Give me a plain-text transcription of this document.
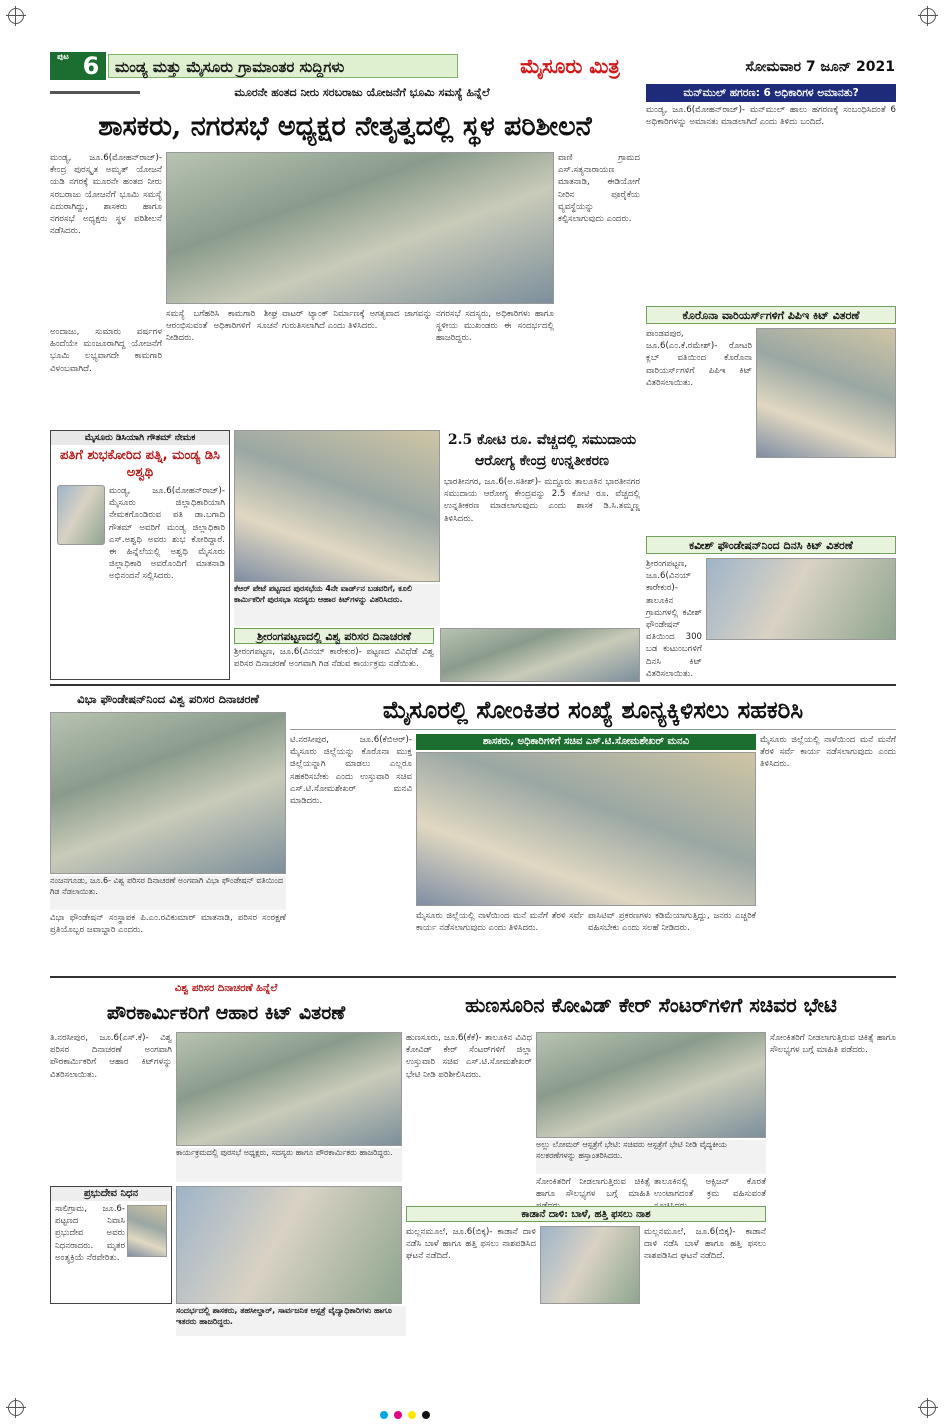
ಪುಟ 6	ಮಂಡ್ಯ ಮತ್ತು ಮೈಸೂರು ಗ್ರಾಮಾಂತರ ಸುದ್ದಿಗಳು	ಮೈಸೂರು ಮಿತ್ರ	ಸೋಮವಾರ 7 ಜೂನ್ 2021
ಮೂರನೇ ಹಂತದ ನೀರು ಸರಬರಾಜು ಯೋಜನೆಗೆ ಭೂಮಿ ಸಮಸ್ಯೆ ಹಿನ್ನೆಲೆ
ಶಾಸಕರು, ನಗರಸಭೆ ಅಧ್ಯಕ್ಷರ ನೇತೃತ್ವದಲ್ಲಿ ಸ್ಥಳ ಪರಿಶೀಲನೆ
ಮಂಡ್ಯ, ಜೂ.6(ಮೋಹನ್‌ರಾಜ್)- ಕೇಂದ್ರ ಪುರಸ್ಕೃತ ಅಮೃತ್ ಯೋಜನೆ ಯಡಿ ನಗರಕ್ಕೆ ಮೂರನೇ ಹಂತದ ನೀರು ಸರಬರಾಜು ಯೋಜನೆಗೆ ಭೂಮಿ ಸಮಸ್ಯೆ ಎದುರಾಗಿದ್ದು, ಶಾಸಕರು ಹಾಗೂ ನಗರಸಭೆ ಅಧ್ಯಕ್ಷರು ಸ್ಥಳ ಪರಿಶೀಲನೆ ನಡೆಸಿದರು.
ವಾಣಿ ಗ್ರಾಮದ ಎಸ್.ಸತ್ಯನಾರಾಯಣ ಮಾತನಾಡಿ, ಈಡಿಯೋಗೆ ನೀರಿನ ಪೂರೈಕೆಯ ವ್ಯವಸ್ಥೆಯನ್ನು ಕಲ್ಪಿಸಲಾಗುವುದು ಎಂದರು.
ಅಂದಾಜು, ಸುಮಾರು ವರ್ಷಗಳ ಹಿಂದೆಯೇ ಮಂಜೂರಾಗಿದ್ದ ಯೋಜನೆಗೆ ಭೂಮಿ ಲಭ್ಯವಾಗದೇ ಕಾಮಗಾರಿ ವಿಳಂಬವಾಗಿದೆ.
ಸಮಸ್ಯೆ ಬಗೆಹರಿಸಿ ಕಾಮಗಾರಿ ಶೀಘ್ರ ಆರಂಭಿಸುವಂತೆ ಅಧಿಕಾರಿಗಳಿಗೆ ಸೂಚನೆ ನೀಡಿದರು.
ವಾಟರ್ ಟ್ಯಾಂಕ್ ನಿರ್ಮಾಣಕ್ಕೆ ಅಗತ್ಯವಾದ ಜಾಗವನ್ನು ಗುರುತಿಸಲಾಗಿದೆ ಎಂದು ತಿಳಿಸಿದರು.
ನಗರಸಭೆ ಸದಸ್ಯರು, ಅಧಿಕಾರಿಗಳು ಹಾಗೂ ಸ್ಥಳೀಯ ಮುಖಂಡರು ಈ ಸಂದರ್ಭದಲ್ಲಿ ಹಾಜರಿದ್ದರು.
ಮೈಸೂರು ಡಿಸಿಯಾಗಿ ಗೌತಮ್ ನೇಮಕ
ಪತಿಗೆ ಶುಭಕೋರಿದ ಪತ್ನಿ, ಮಂಡ್ಯ ಡಿಸಿ ಅಶ್ವಥಿ
ಮಂಡ್ಯ, ಜೂ.6(ಮೋಹನ್‌ರಾಜ್)- ಮೈಸೂರು ಜಿಲ್ಲಾಧಿಕಾರಿಯಾಗಿ ನೇಮಕಗೊಂಡಿರುವ ಪತಿ ಡಾ.ಬಗಾದಿ ಗೌತಮ್ ಅವರಿಗೆ ಮಂಡ್ಯ ಜಿಲ್ಲಾಧಿಕಾರಿ ಎಸ್.ಅಶ್ವಥಿ ಅವರು ಶುಭ ಕೋರಿದ್ದಾರೆ. ಈ ಹಿನ್ನೆಲೆಯಲ್ಲಿ ಅಶ್ವಥಿ ಮೈಸೂರು ಜಿಲ್ಲಾಧಿಕಾರಿ ಅವರೊಂದಿಗೆ ಮಾತನಾಡಿ ಅಭಿನಂದನೆ ಸಲ್ಲಿಸಿದರು.
ಕೆಆರ್ ಪೇಟೆ ಪಟ್ಟಣದ ಪುರಸಭೆಯ 4ನೇ ವಾರ್ಡ್‌ನ ಬಡವರಿಗೆ, ಕೂಲಿ ಕಾರ್ಮಿಕರಿಗೆ ಪುರಸಭಾ ಸದಸ್ಯರು ಆಹಾರ ಕಿಟ್‌ಗಳನ್ನು ವಿತರಿಸಿದರು.
2.5 ಕೋಟಿ ರೂ. ವೆಚ್ಚದಲ್ಲಿ ಸಮುದಾಯ ಆರೋಗ್ಯ ಕೇಂದ್ರ ಉನ್ನತೀಕರಣ
ಭಾರತೀನಗರ, ಜೂ.6(ಅ.ಸತೀಶ್)- ಮದ್ದೂರು ತಾಲೂಕಿನ ಭಾರತೀನಗರ ಸಮುದಾಯ ಆರೋಗ್ಯ ಕೇಂದ್ರವನ್ನು 2.5 ಕೋಟಿ ರೂ. ವೆಚ್ಚದಲ್ಲಿ ಉನ್ನತೀಕರಣ ಮಾಡಲಾಗುವುದು ಎಂದು ಶಾಸಕ ಡಿ.ಸಿ.ತಮ್ಮಣ್ಣ ತಿಳಿಸಿದರು.
ಶ್ರೀರಂಗಪಟ್ಟಣದಲ್ಲಿ ವಿಶ್ವ ಪರಿಸರ ದಿನಾಚರಣೆ
ಶ್ರೀರಂಗಪಟ್ಟಣ, ಜೂ.6(ವಿನಯ್ ಕಾರೇಕುರ)- ಪಟ್ಟಣದ ವಿವಿಧೆಡೆ ವಿಶ್ವ ಪರಿಸರ ದಿನಾಚರಣೆ ಅಂಗವಾಗಿ ಗಿಡ ನೆಡುವ ಕಾರ್ಯಕ್ರಮ ನಡೆಯಿತು.
ಮನ್‌ಮುಲ್ ಹಗರಣ: 6 ಅಧಿಕಾರಿಗಳ ಅಮಾನತು?
ಮಂಡ್ಯ, ಜೂ.6(ಮೋಹನ್‌ರಾಜ್)- ಮನ್‌ಮುಲ್ ಹಾಲು ಹಗರಣಕ್ಕೆ ಸಂಬಂಧಿಸಿದಂತೆ 6 ಅಧಿಕಾರಿಗಳನ್ನು ಅಮಾನತು ಮಾಡಲಾಗಿದೆ ಎಂದು ತಿಳಿದು ಬಂದಿದೆ.
ಕೊರೊನಾ ವಾರಿಯರ್ಸ್‌ಗಳಿಗೆ ಪಿಪಿಇ ಕಿಟ್ ವಿತರಣೆ
ಪಾಂಡವಪುರ, ಜೂ.6(ಎಂ.ಕೆ.ರಮೇಶ್)- ರೋಟರಿ ಕ್ಲಬ್ ವತಿಯಿಂದ ಕೊರೊನಾ ವಾರಿಯರ್ಸ್‌ಗಳಿಗೆ ಪಿಪಿಇ ಕಿಟ್ ವಿತರಿಸಲಾಯಿತು.
ಕವೀಶ್ ಫೌಂಡೇಷನ್‌ನಿಂದ ದಿನಸಿ ಕಿಟ್ ವಿತರಣೆ
ಶ್ರೀರಂಗಪಟ್ಟಣ, ಜೂ.6(ವಿನಯ್ ಕಾರೇಕುರ)- ತಾಲೂಕಿನ ಗ್ರಾಮಗಳಲ್ಲಿ ಕವೀಶ್ ಫೌಂಡೇಷನ್ ವತಿಯಿಂದ 300 ಬಡ ಕುಟುಂಬಗಳಿಗೆ ದಿನಸಿ ಕಿಟ್ ವಿತರಿಸಲಾಯಿತು.
ವಿಭಾ ಫೌಂಡೇಷನ್‌ನಿಂದ ವಿಶ್ವ ಪರಿಸರ ದಿನಾಚರಣೆ
ನಂಜನಗೂಡು, ಜೂ.6- ವಿಶ್ವ ಪರಿಸರ ದಿನಾಚರಣೆ ಅಂಗವಾಗಿ ವಿಭಾ ಫೌಂಡೇಷನ್ ವತಿಯಿಂದ ಗಿಡ ನೆಡಲಾಯಿತು.
ವಿಭಾ ಫೌಂಡೇಷನ್ ಸಂಸ್ಥಾಪಕ ಪಿ.ಎಂ.ರವಿಕುಮಾರ್ ಮಾತನಾಡಿ, ಪರಿಸರ ಸಂರಕ್ಷಣೆ ಪ್ರತಿಯೊಬ್ಬರ ಜವಾಬ್ದಾರಿ ಎಂದರು.
ಮೈಸೂರಲ್ಲಿ ಸೋಂಕಿತರ ಸಂಖ್ಯೆ ಶೂನ್ಯಕ್ಕಿಳಿಸಲು ಸಹಕರಿಸಿ
ಟಿ.ನರಸೀಪುರ, ಜೂ.6(ಕೆಬಿಆರ್)- ಮೈಸೂರು ಜಿಲ್ಲೆಯನ್ನು ಕೊರೊನಾ ಮುಕ್ತ ಜಿಲ್ಲೆಯನ್ನಾಗಿ ಮಾಡಲು ಎಲ್ಲರೂ ಸಹಕರಿಸಬೇಕು ಎಂದು ಉಸ್ತುವಾರಿ ಸಚಿವ ಎಸ್.ಟಿ.ಸೋಮಶೇಖರ್ ಮನವಿ ಮಾಡಿದರು.
ಶಾಸಕರು, ಅಧಿಕಾರಿಗಳಿಗೆ ಸಚಿವ ಎಸ್.ಟಿ.ಸೋಮಶೇಖರ್ ಮನವಿ
ಮೈಸೂರು ಜಿಲ್ಲೆಯಲ್ಲಿ ನಾಳೆಯಿಂದ ಮನೆ ಮನೆಗೆ ತೆರಳಿ ಸರ್ವೆ ಕಾರ್ಯ ನಡೆಸಲಾಗುವುದು ಎಂದು ತಿಳಿಸಿದರು.
ಪಾಸಿಟಿವ್ ಪ್ರಕರಣಗಳು ಕಡಿಮೆಯಾಗುತ್ತಿದ್ದು, ಜನರು ಎಚ್ಚರಿಕೆ ವಹಿಸಬೇಕು ಎಂದು ಸಲಹೆ ನೀಡಿದರು.
ಮೈಸೂರು ಜಿಲ್ಲೆಯಲ್ಲಿ ನಾಳೆಯಿಂದ ಮನೆ ಮನೆಗೆ ತೆರಳಿ ಸರ್ವೆ ಕಾರ್ಯ ನಡೆಸಲಾಗುವುದು ಎಂದು ತಿಳಿಸಿದರು.
ವಿಶ್ವ ಪರಿಸರ ದಿನಾಚರಣೆ ಹಿನ್ನೆಲೆ
ಪೌರಕಾರ್ಮಿಕರಿಗೆ ಆಹಾರ ಕಿಟ್ ವಿತರಣೆ
ತಿ.ನರಸೀಪುರ, ಜೂ.6(ಎಸ್.ಕೆ)- ವಿಶ್ವ ಪರಿಸರ ದಿನಾಚರಣೆ ಅಂಗವಾಗಿ ಪೌರಕಾರ್ಮಿಕರಿಗೆ ಆಹಾರ ಕಿಟ್‌ಗಳನ್ನು ವಿತರಿಸಲಾಯಿತು.
ಕಾರ್ಯಕ್ರಮದಲ್ಲಿ ಪುರಸಭೆ ಅಧ್ಯಕ್ಷರು, ಸದಸ್ಯರು ಹಾಗೂ ಪೌರಕಾರ್ಮಿಕರು ಹಾಜರಿದ್ದರು.
ಪ್ರಭುದೇವ ನಿಧನ
ಸಾಲಿಗ್ರಾಮ, ಜೂ.6- ಪಟ್ಟಣದ ನಿವಾಸಿ ಪ್ರಭುದೇವ ಅವರು ನಿಧನರಾದರು. ಮೃತರ ಅಂತ್ಯಕ್ರಿಯೆ ನೆರವೇರಿತು.
ಹುಣಸೂರಿನ ಕೋವಿಡ್ ಕೇರ್ ಸೆಂಟರ್‌ಗಳಿಗೆ ಸಚಿವರ ಭೇಟಿ
ಹುಣಸೂರು, ಜೂ.6(ಕೆಕೆ)- ತಾಲೂಕಿನ ವಿವಿಧ ಕೋವಿಡ್ ಕೇರ್ ಸೆಂಟರ್‌ಗಳಿಗೆ ಜಿಲ್ಲಾ ಉಸ್ತುವಾರಿ ಸಚಿವ ಎಸ್.ಟಿ.ಸೋಮಶೇಖರ್ ಭೇಟಿ ನೀಡಿ ಪರಿಶೀಲಿಸಿದರು.
ಅಲ್ಲು ಲೋಮರ್ ಆಸ್ಪತ್ರೆಗೆ ಭೇಟಿ: ಸಚಿವರು ಆಸ್ಪತ್ರೆಗೆ ಭೇಟಿ ನೀಡಿ ವೈದ್ಯಕೀಯ ಸಲಕರಣೆಗಳನ್ನು ಹಸ್ತಾಂತರಿಸಿದರು.
ಸೋಂಕಿತರಿಗೆ ನೀಡಲಾಗುತ್ತಿರುವ ಚಿಕಿತ್ಸೆ ಹಾಗೂ ಸೌಲಭ್ಯಗಳ ಬಗ್ಗೆ ಮಾಹಿತಿ
ತಾಲೂಕಿನಲ್ಲಿ ಆಕ್ಸಿಜನ್ ಕೊರತೆ ಉಂಟಾಗದಂತೆ ಕ್ರಮ ವಹಿಸುವಂತೆ
ಸೋಂಕಿತರಿಗೆ ನೀಡಲಾಗುತ್ತಿರುವ ಚಿಕಿತ್ಸೆ ಹಾಗೂ ಸೌಲಭ್ಯಗಳ ಬಗ್ಗೆ ಮಾಹಿತಿ ಪಡೆದರು.
ಕಾಡಾನೆ ದಾಳಿ: ಬಾಳೆ, ಹತ್ತಿ ಫಸಲು ನಾಶ
ಮಲ್ಲನಮೂಲೆ, ಜೂ.6(ಬಿಕ್ಕ)- ಕಾಡಾನೆ ದಾಳಿ ನಡೆಸಿ ಬಾಳೆ ಹಾಗೂ ಹತ್ತಿ ಫಸಲು ನಾಶಪಡಿಸಿದ ಘಟನೆ ನಡೆದಿದೆ.
ಮಲ್ಲನಮೂಲೆ, ಜೂ.6(ಬಿಕ್ಕ)- ಕಾಡಾನೆ ದಾಳಿ ನಡೆಸಿ ಬಾಳೆ ಹಾಗೂ ಹತ್ತಿ ಫಸಲು ನಾಶಪಡಿಸಿದ ಘಟನೆ ನಡೆದಿದೆ.
ಸಂದರ್ಭದಲ್ಲಿ ಶಾಸಕರು, ತಹಸೀಲ್ದಾರ್, ಸಾರ್ವಜನಿಕ ಆಸ್ಪತ್ರೆ ವೈದ್ಯಾಧಿಕಾರಿಗಳು ಹಾಗೂ ಇತರರು ಹಾಜರಿದ್ದರು.
